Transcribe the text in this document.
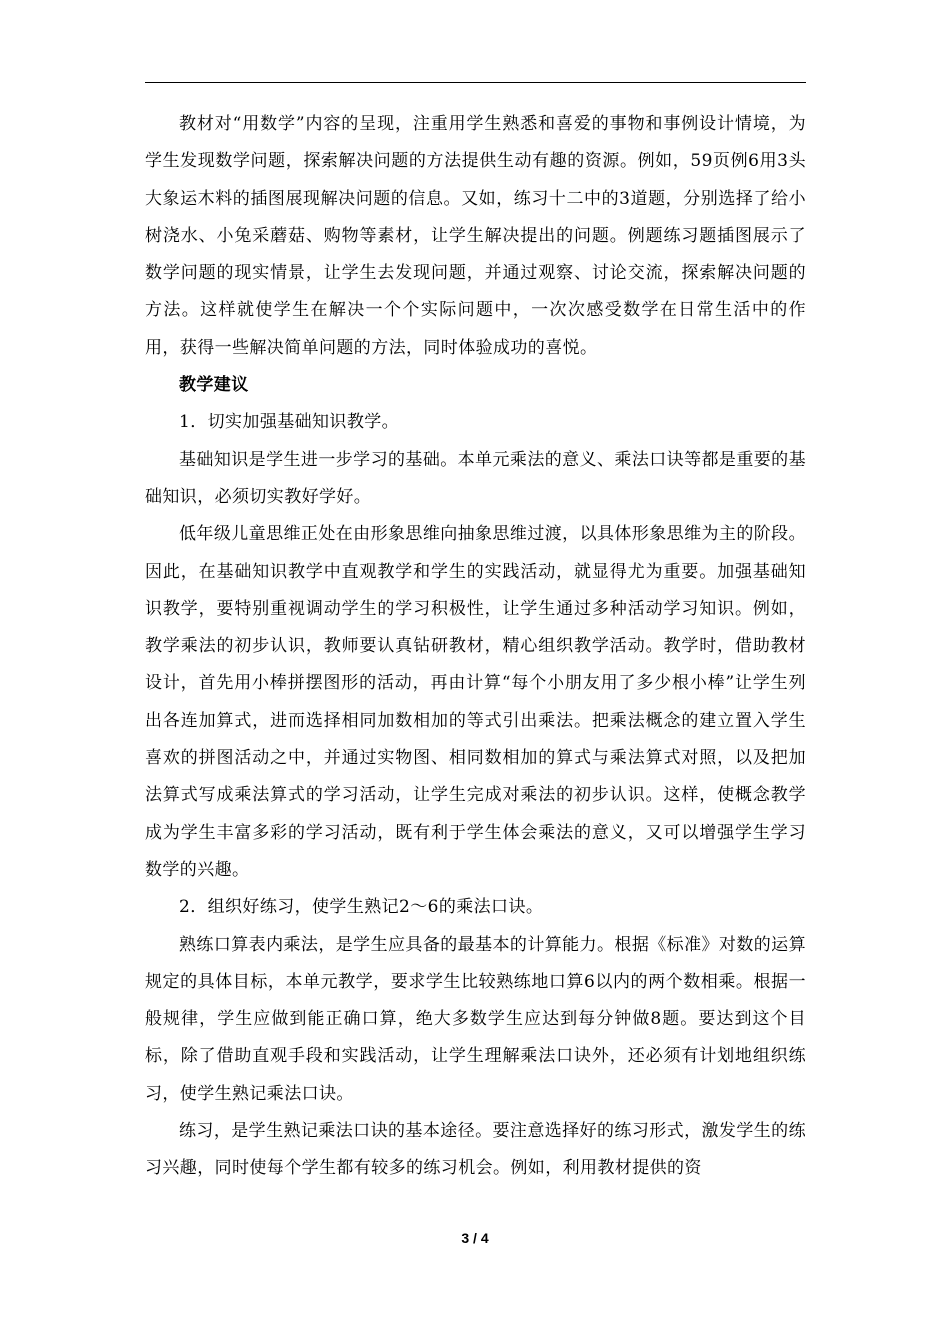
教材对“用数学”内容的呈现，注重用学生熟悉和喜爱的事物和事例设计情境，为学生发现数学问题，探索解决问题的方法提供生动有趣的资源。例如，59页例6用3头大象运木料的插图展现解决问题的信息。又如，练习十二中的3道题，分别选择了给小树浇水、小兔采蘑菇、购物等素材，让学生解决提出的问题。例题练习题插图展示了数学问题的现实情景，让学生去发现问题，并通过观察、讨论交流，探索解决问题的方法。这样就使学生在解决一个个实际问题中，一次次感受数学在日常生活中的作用，获得一些解决简单问题的方法，同时体验成功的喜悦。

教学建议

1．切实加强基础知识教学。

基础知识是学生进一步学习的基础。本单元乘法的意义、乘法口诀等都是重要的基础知识，必须切实教好学好。

低年级儿童思维正处在由形象思维向抽象思维过渡，以具体形象思维为主的阶段。因此，在基础知识教学中直观教学和学生的实践活动，就显得尤为重要。加强基础知识教学，要特别重视调动学生的学习积极性，让学生通过多种活动学习知识。例如，教学乘法的初步认识，教师要认真钻研教材，精心组织教学活动。教学时，借助教材设计，首先用小棒拼摆图形的活动，再由计算“每个小朋友用了多少根小棒”让学生列出各连加算式，进而选择相同加数相加的等式引出乘法。把乘法概念的建立置入学生喜欢的拼图活动之中，并通过实物图、相同数相加的算式与乘法算式对照，以及把加法算式写成乘法算式的学习活动，让学生完成对乘法的初步认识。这样，使概念教学成为学生丰富多彩的学习活动，既有利于学生体会乘法的意义，又可以增强学生学习数学的兴趣。

2．组织好练习，使学生熟记2～6的乘法口诀。

熟练口算表内乘法，是学生应具备的最基本的计算能力。根据《标准》对数的运算规定的具体目标，本单元教学，要求学生比较熟练地口算6以内的两个数相乘。根据一般规律，学生应做到能正确口算，绝大多数学生应达到每分钟做8题。要达到这个目标，除了借助直观手段和实践活动，让学生理解乘法口诀外，还必须有计划地组织练习，使学生熟记乘法口诀。

练习，是学生熟记乘法口诀的基本途径。要注意选择好的练习形式，激发学生的练习兴趣，同时使每个学生都有较多的练习机会。例如，利用教材提供的资

3 / 4
